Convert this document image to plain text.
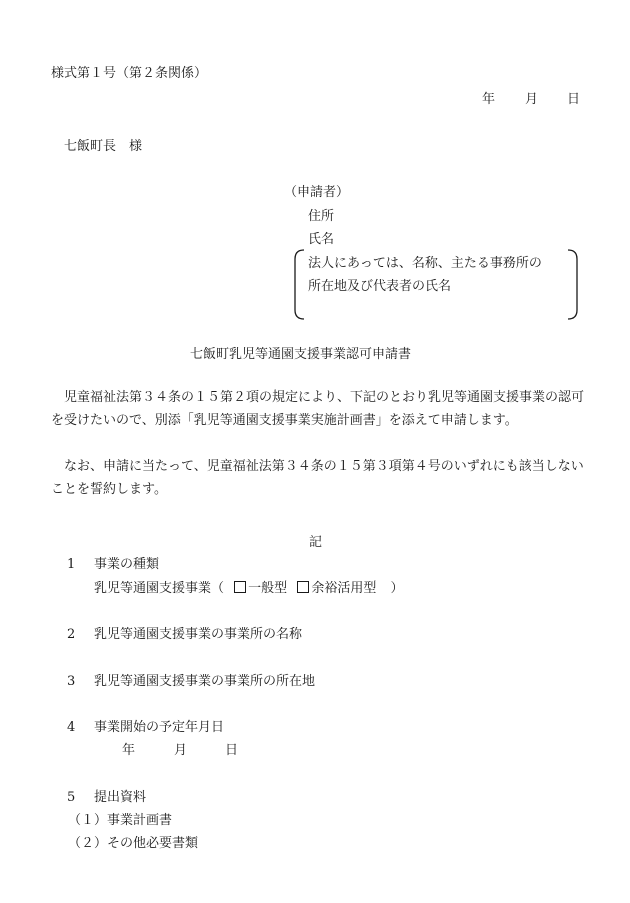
様式第１号（第２条関係）
年 月 日
七飯町長　様
（申請者）
住所
氏名
法人にあっては、名称、主たる事務所の
所在地及び代表者の氏名
七飯町乳児等通園支援事業認可申請書
児童福祉法第３４条の１５第２項の規定により、下記のとおり乳児等通園支援事業の認可を受けたいので、別添「乳児等通園支援事業実施計画書」を添えて申請します。
なお、申請に当たって、児童福祉法第３４条の１５第３項第４号のいずれにも該当しないことを誓約します。
記
1 事業の種類
乳児等通園支援事業（ 一般型 余裕活用型 ）
2 乳児等通園支援事業の事業所の名称
3 乳児等通園支援事業の事業所の所在地
4 事業開始の予定年月日
年	月	日
5 提出資料
（１）事業計画書
（２）その他必要書類
